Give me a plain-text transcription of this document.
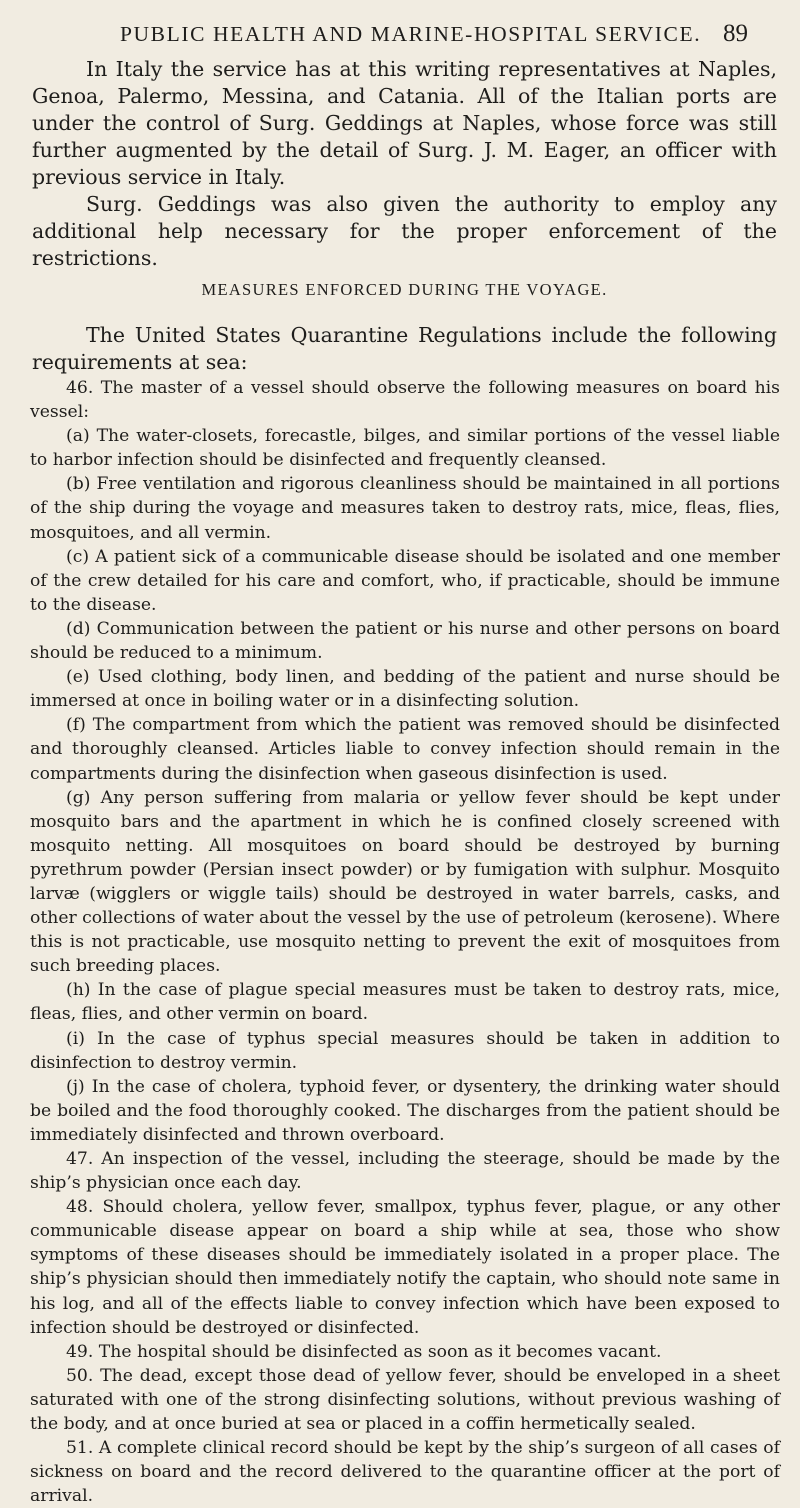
PUBLIC HEALTH AND MARINE-HOSPITAL SERVICE. 89

In Italy the service has at this writing representatives at Naples, Genoa, Palermo, Messina, and Catania. All of the Italian ports are under the control of Surg. Geddings at Naples, whose force was still further augmented by the detail of Surg. J. M. Eager, an officer with previous service in Italy.

Surg. Geddings was also given the authority to employ any additional help necessary for the proper enforcement of the restrictions.

MEASURES ENFORCED DURING THE VOYAGE.

The United States Quarantine Regulations include the following requirements at sea:

46. The master of a vessel should observe the following measures on board his vessel:

(a) The water-closets, forecastle, bilges, and similar portions of the vessel liable to harbor infection should be disinfected and frequently cleansed.

(b) Free ventilation and rigorous cleanliness should be maintained in all portions of the ship during the voyage and measures taken to destroy rats, mice, fleas, flies, mosquitoes, and all vermin.

(c) A patient sick of a communicable disease should be isolated and one member of the crew detailed for his care and comfort, who, if practicable, should be immune to the disease.

(d) Communication between the patient or his nurse and other persons on board should be reduced to a minimum.

(e) Used clothing, body linen, and bedding of the patient and nurse should be immersed at once in boiling water or in a disinfecting solution.

(f) The compartment from which the patient was removed should be disinfected and thoroughly cleansed. Articles liable to convey infection should remain in the compartments during the disinfection when gaseous disinfection is used.

(g) Any person suffering from malaria or yellow fever should be kept under mosquito bars and the apartment in which he is confined closely screened with mosquito netting. All mosquitoes on board should be destroyed by burning pyrethrum powder (Persian insect powder) or by fumigation with sulphur. Mosquito larvæ (wigglers or wiggle tails) should be destroyed in water barrels, casks, and other collections of water about the vessel by the use of petroleum (kerosene). Where this is not practicable, use mosquito netting to prevent the exit of mosquitoes from such breeding places.

(h) In the case of plague special measures must be taken to destroy rats, mice, fleas, flies, and other vermin on board.

(i) In the case of typhus special measures should be taken in addition to disinfection to destroy vermin.

(j) In the case of cholera, typhoid fever, or dysentery, the drinking water should be boiled and the food thoroughly cooked. The discharges from the patient should be immediately disinfected and thrown overboard.

47. An inspection of the vessel, including the steerage, should be made by the ship’s physician once each day.

48. Should cholera, yellow fever, smallpox, typhus fever, plague, or any other communicable disease appear on board a ship while at sea, those who show symptoms of these diseases should be immediately isolated in a proper place. The ship’s physician should then immediately notify the captain, who should note same in his log, and all of the effects liable to convey infection which have been exposed to infection should be destroyed or disinfected.

49. The hospital should be disinfected as soon as it becomes vacant.

50. The dead, except those dead of yellow fever, should be enveloped in a sheet saturated with one of the strong disinfecting solutions, without previous washing of the body, and at once buried at sea or placed in a coffin hermetically sealed.

51. A complete clinical record should be kept by the ship’s surgeon of all cases of sickness on board and the record delivered to the quarantine officer at the port of arrival.
